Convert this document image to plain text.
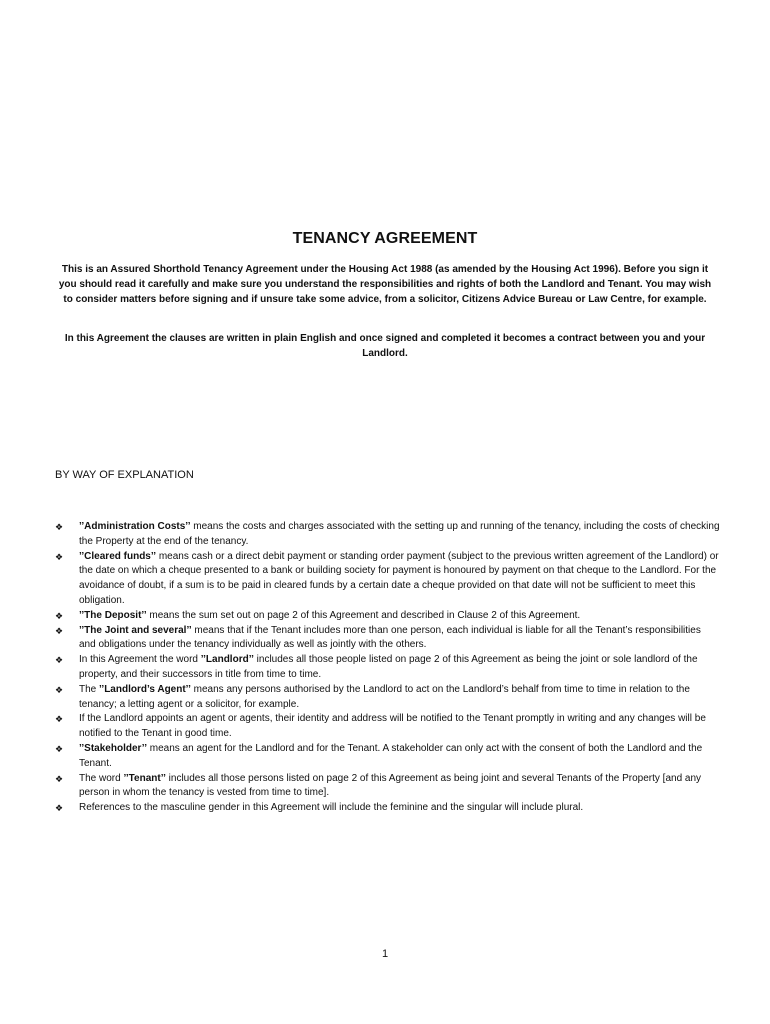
TENANCY AGREEMENT
This is an Assured Shorthold Tenancy Agreement under the Housing Act 1988 (as amended by the Housing Act 1996). Before you sign it you should read it carefully and make sure you understand the responsibilities and rights of both the Landlord and Tenant. You may wish to consider matters before signing and if unsure take some advice, from a solicitor, Citizens Advice Bureau or Law Centre, for example.
In this Agreement the clauses are written in plain English and once signed and completed it becomes a contract between you and your Landlord.
BY WAY OF EXPLANATION
❖ ’’Administration Costs’’ means the costs and charges associated with the setting up and running of the tenancy, including the costs of checking the Property at the end of the tenancy.
❖ ’’Cleared funds’’ means cash or a direct debit payment or standing order payment (subject to the previous written agreement of the Landlord) or the date on which a cheque presented to a bank or building society for payment is honoured by payment on that cheque to the Landlord. For the avoidance of doubt, if a sum is to be paid in cleared funds by a certain date a cheque provided on that date will not be sufficient to meet this obligation.
❖ ’’The Deposit’’ means the sum set out on page 2 of this Agreement and described in Clause 2 of this Agreement.
❖ ’’The Joint and several’’ means that if the Tenant includes more than one person, each individual is liable for all the Tenant’s responsibilities and obligations under the tenancy individually as well as jointly with the others.
❖ In this Agreement the word ’’Landlord’’ includes all those people listed on page 2 of this Agreement as being the joint or sole landlord of the property, and their successors in title from time to time.
❖ The ’’Landlord’s Agent’’ means any persons authorised by the Landlord to act on the Landlord’s behalf from time to time in relation to the tenancy; a letting agent or a solicitor, for example.
❖ If the Landlord appoints an agent or agents, their identity and address will be notified to the Tenant promptly in writing and any changes will be notified to the Tenant in good time.
❖ ’’Stakeholder’’ means an agent for the Landlord and for the Tenant. A stakeholder can only act with the consent of both the Landlord and the Tenant.
❖ The word ’’Tenant’’ includes all those persons listed on page 2 of this Agreement as being joint and several Tenants of the Property [and any person in whom the tenancy is vested from time to time].
❖ References to the masculine gender in this Agreement will include the feminine and the singular will include plural.
1
